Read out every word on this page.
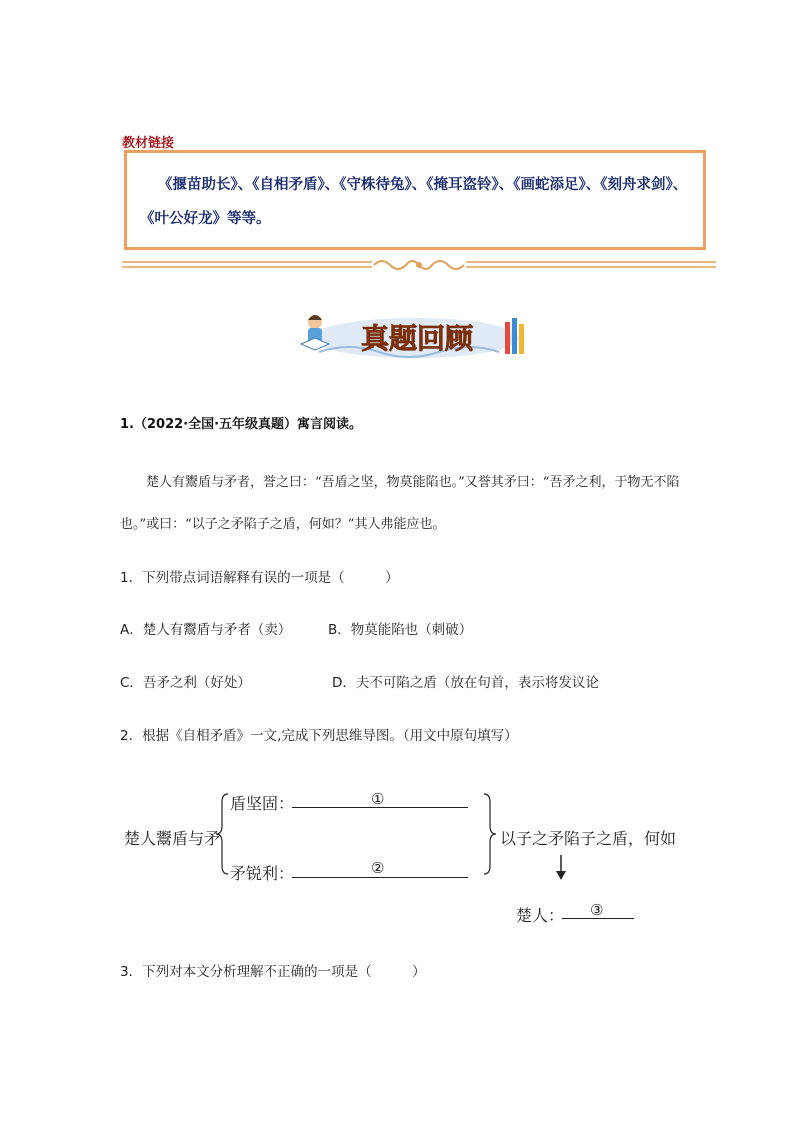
教材链接
《揠苗助长》、《自相矛盾》、《守株待兔》、《掩耳盗铃》、《画蛇添足》、《刻舟求剑》、《叶公好龙》等等。
真题回顾
1.（2022·全国·五年级真题）寓言阅读。
楚人有鬻盾与矛者，誉之曰：“吾盾之坚，物莫能陷也。”又誉其矛曰：“吾矛之利，于物无不陷也。”或曰：“以子之矛陷子之盾，何如？”其人弗能应也。
1．下列带点词语解释有误的一项是（　　　）
A．楚人有鬻盾与矛者（卖）	B．物莫能陷也（刺破）
C．吾矛之利（好处）	D．夫不可陷之盾（放在句首，表示将发议论
2．根据《自相矛盾》一文,完成下列思维导图。（用文中原句填写）
楚人鬻盾与矛
盾坚固：	①
矛锐利：	②
以子之矛陷子之盾，何如
楚人： ③
3．下列对本文分析理解不正确的一项是（　　　）
